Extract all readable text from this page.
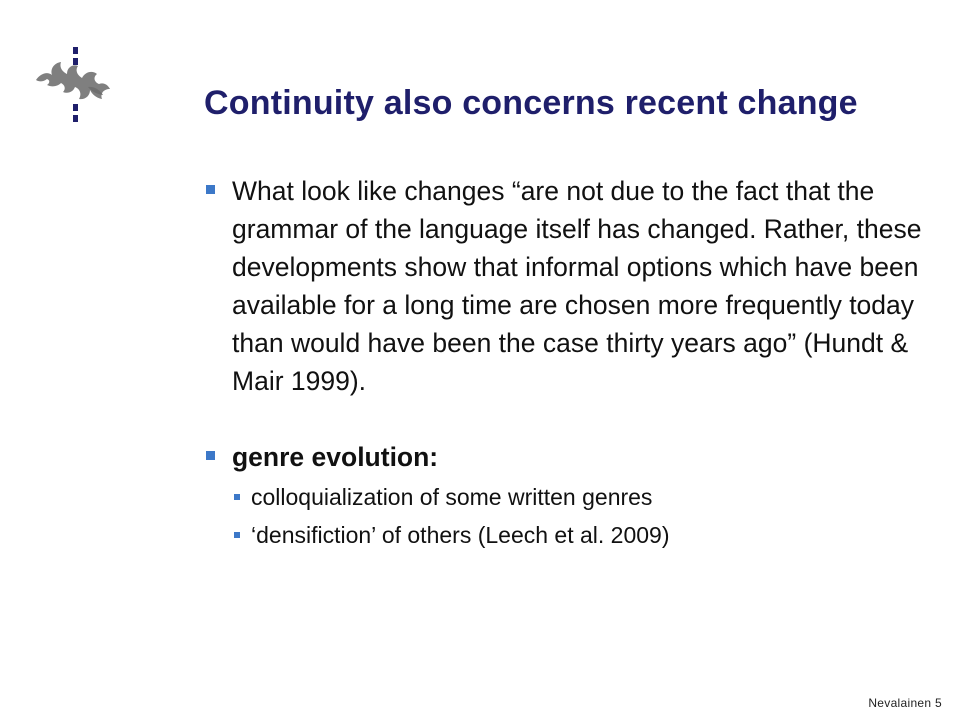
Continuity also concerns recent change
What look like changes “are not due to the fact that the grammar of the language itself has changed. Rather, these developments show that informal options which have been available for a long time are chosen more frequently today than would have been the case thirty years ago” (Hundt & Mair 1999).
genre evolution:
colloquialization of some written genres
‘densifiction’ of others (Leech et al. 2009)
Nevalainen 5
